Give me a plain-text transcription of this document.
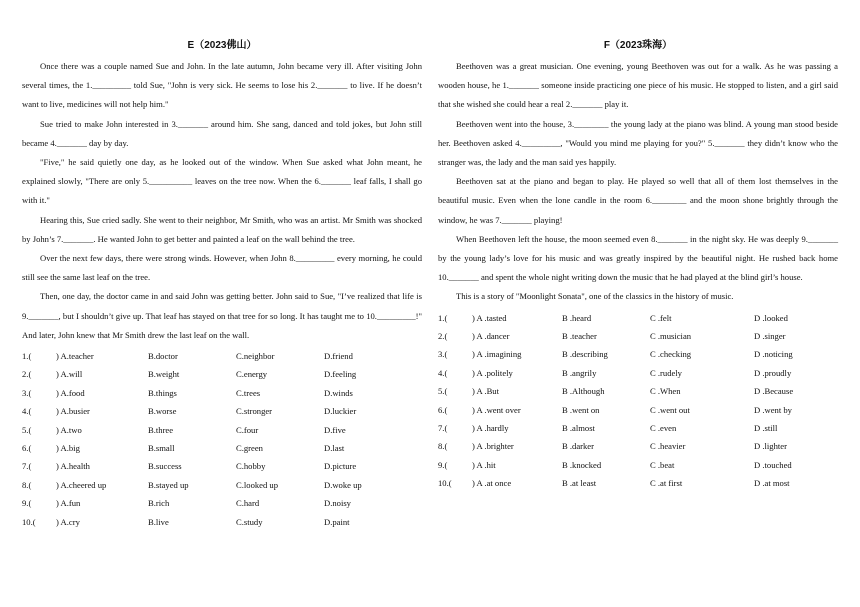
E（2023佛山）

Once there was a couple named Sue and John. In the late autumn, John became very ill. After visiting John several times, the 1._________ told Sue, "John is very sick. He seems to lose his 2._______ to live. If he doesn’t want to live, medicines will not help him."

Sue tried to make John interested in 3._______ around him. She sang, danced and told jokes, but John still became 4._______ day by day.

"Five," he said quietly one day, as he looked out of the window. When Sue asked what John meant, he explained slowly, "There are only 5.__________ leaves on the tree now. When the 6._______ leaf falls, I shall go with it."

Hearing this, Sue cried sadly. She went to their neighbor, Mr Smith, who was an artist. Mr Smith was shocked by John’s 7._______. He wanted John to get better and painted a leaf on the wall behind the tree.

Over the next few days, there were strong winds. However, when John 8._________ every morning, he could still see the same last leaf on the tree.

Then, one day, the doctor came in and said John was getting better. John said to Sue, "I’ve realized that life is 9._______, but I shouldn’t give up. That leaf has stayed on that tree for so long. It has taught me to 10._________!" And later, John knew that Mr Smith drew the last leaf on the wall.

1.(	) A.teacher	B.doctor	C.neighbor	D.friend
2.(	) A.will	B.weight	C.energy	D.feeling
3.(	) A.food	B.things	C.trees	D.winds
4.(	) A.busier	B.worse	C.stronger	D.luckier
5.(	) A.two	B.three	C.four	D.five
6.(	) A.big	B.small	C.green	D.last
7.(	) A.health	B.success	C.hobby	D.picture
8.(	) A.cheered up	B.stayed up	C.looked up	D.woke up
9.(	) A.fun	B.rich	C.hard	D.noisy
10.(	) A.cry	B.live	C.study	D.paint
F（2023珠海）

Beethoven was a great musician. One evening, young Beethoven was out for a walk. As he was passing a wooden house, he 1._______ someone inside practicing one piece of his music. He stopped to listen, and a girl said that she wished she could hear a real 2._______ play it.

Beethoven went into the house, 3.________ the young lady at the piano was blind. A young man stood beside her. Beethoven asked 4._________, "Would you mind me playing for you?" 5._______ they didn’t know who the stranger was, the lady and the man said yes happily.

Beethoven sat at the piano and began to play. He played so well that all of them lost themselves in the beautiful music. Even when the lone candle in the room 6.________ and the moon shone brightly through the window, he was 7._______ playing!

When Beethoven left the house, the moon seemed even 8._______ in the night sky. He was deeply 9._______ by the young lady’s love for his music and was greatly inspired by the beautiful night. He rushed back home 10._______ and spent the whole night writing down the music that he had played at the blind girl’s house.

This is a story of "Moonlight Sonata", one of the classics in the history of music.

1.(	) A .tasted	B .heard	C .felt	D .looked
2.(	) A .dancer	B .teacher	C .musician	D .singer
3.(	) A .imagining	B .describing	C .checking	D .noticing
4.(	) A .politely	B .angrily	C .rudely	D .proudly
5.(	) A .But	B .Although	C .When	D .Because
6.(	) A .went over	B .went on	C .went out	D .went by
7.(	) A .hardly	B .almost	C .even	D .still
8.(	) A .brighter	B .darker	C .heavier	D .lighter
9.(	) A .hit	B .knocked	C .beat	D .touched
10.(	) A .at once	B .at least	C .at first	D .at most
